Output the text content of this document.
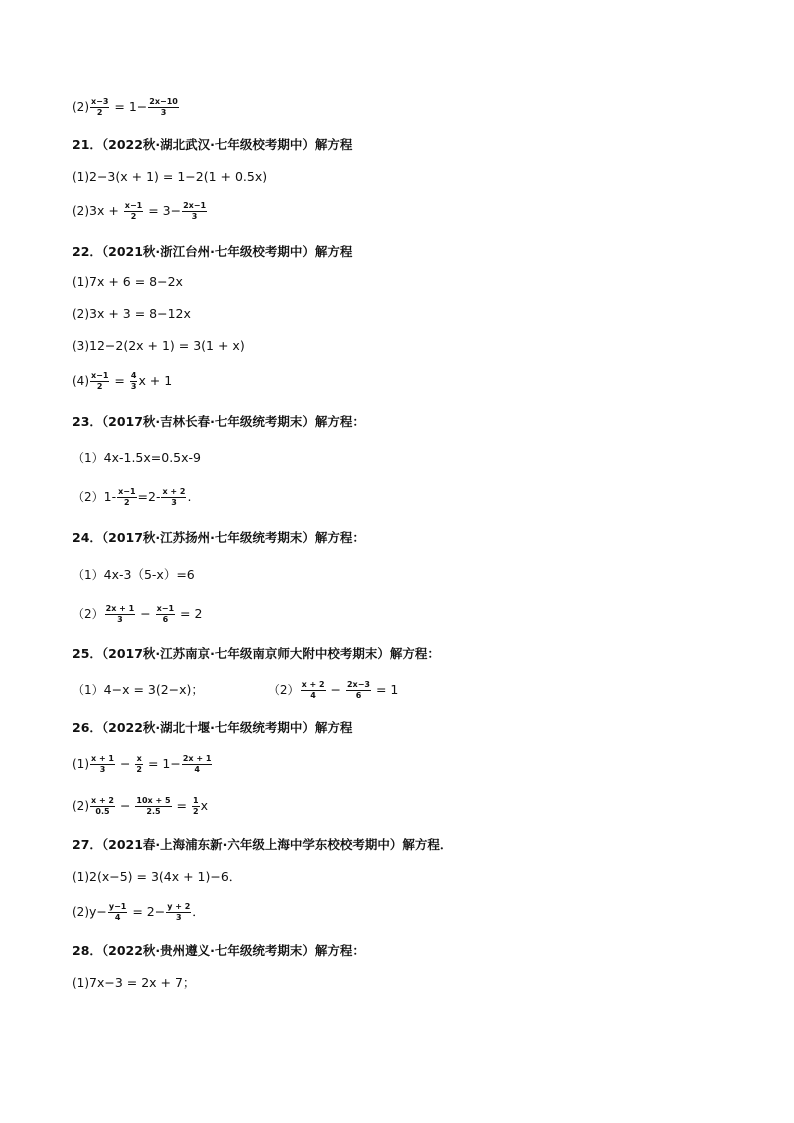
$(2) \frac{x-3}{2} = 1- \frac{2x-10}{3}$
21．（2022秋·湖北武汉·七年级校考期中）解方程
(1)2−3(x + 1) = 1−2(1 + 0.5x)
$(2)3x + \frac{x-1}{2} = 3- \frac{2x-1}{3}$
22．（2021秋·浙江台州·七年级校考期中）解方程
(1)7x + 6 = 8−2x
(2)3x + 3 = 8−12x
(3)12−2(2x + 1) = 3(1 + x)
$(4) \frac{x-1}{2} = \frac{4}{3}$ x + 1
23．（2017秋·吉林长春·七年级统考期末）解方程：
（1）4x-1.5x=0.5x-9
$(2)1- \frac{x-1}{2} =2- \frac{x + 2}{3}$ .
24．（2017秋·江苏扬州·七年级统考期末）解方程：
（1）4x-3（5-x）=6
$(2) \frac{2x + 1}{3} - \frac{x-1}{6} = 2$
25．（2017秋·江苏南京·七年级南京师大附中校考期末）解方程：
（1）4−x = 3(2−x)；	$(2) \frac{x + 2}{4} - \frac{2x-3}{6} = 1$
26．（2022秋·湖北十堰·七年级统考期中）解方程
$(1) \frac{x + 1}{3} - \frac{x}{2} = 1- \frac{2x + 1}{4}$
$(2) \frac{x + 2}{0.5} - \frac{10x + 5}{2.5} = \frac{1}{2}$ x
27．（2021春·上海浦东新·六年级上海中学东校校考期中）解方程．
(1)2(x−5) = 3(4x + 1)−6．
$(2)y- \frac{y-1}{4} = 2- \frac{y + 2}{3}$ ．
28．（2022秋·贵州遵义·七年级统考期末）解方程：
(1)7x−3 = 2x + 7；
